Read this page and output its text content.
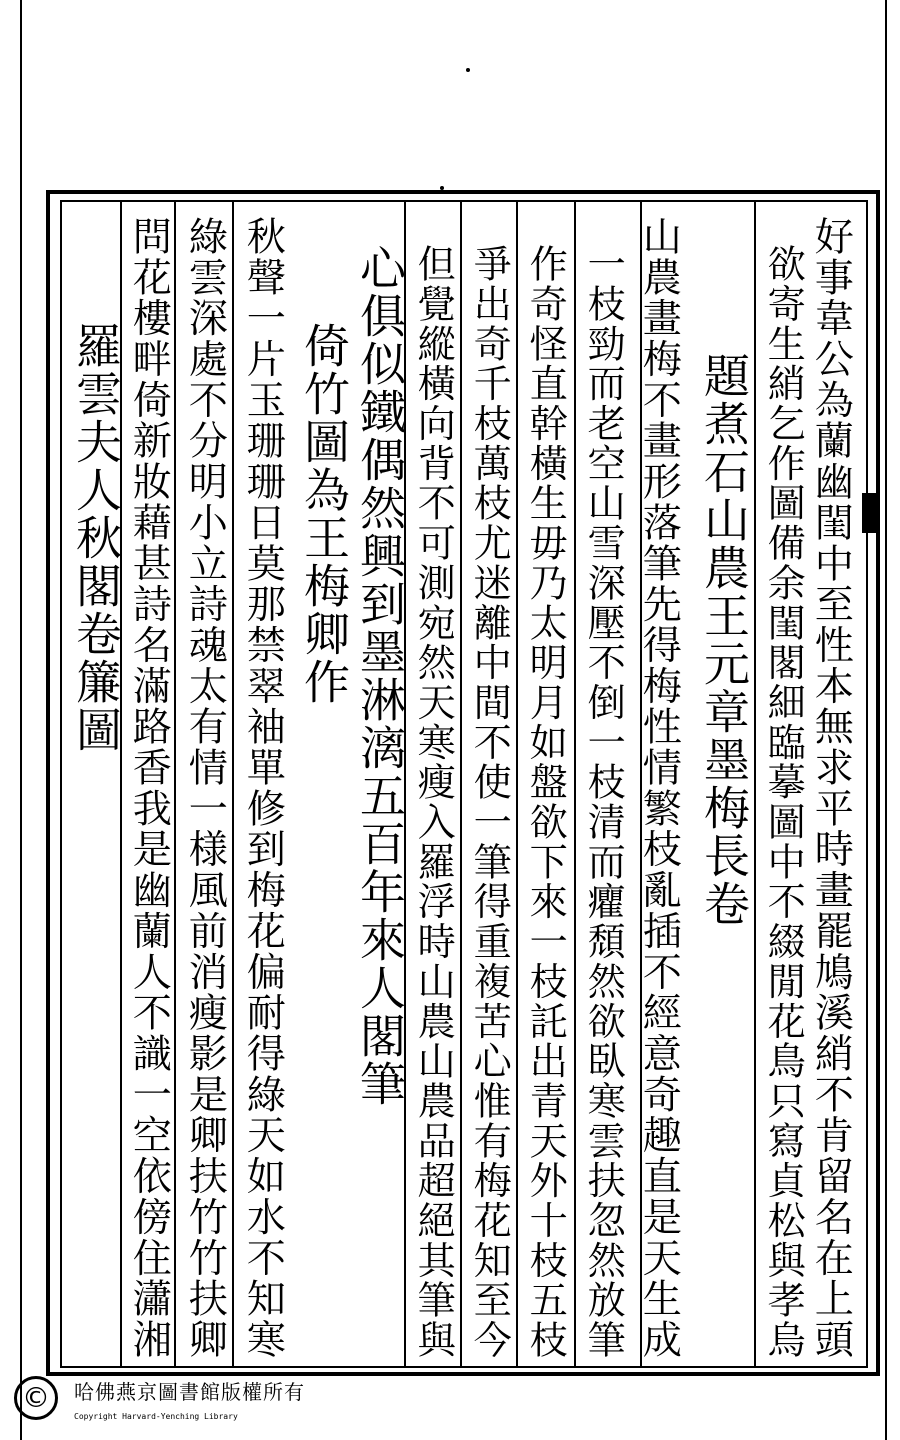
好事韋公為蘭幽閨中至性本無求平時畫罷鳩溪綃不肯留名在上頭
欲寄生綃乞作圖備余閨閣細臨摹圖中不綴閒花鳥只寫貞松與孝烏
題煮石山農王元章墨梅長卷
山農畫梅不畫形落筆先得梅性情繁枝亂插不經意奇趣直是天生成
一枝勁而老空山雪深壓不倒一枝清而癯頹然欲臥寒雲扶忽然放筆
作奇怪直幹橫生毋乃太明月如盤欲下來一枝託出青天外十枝五枝
爭出奇千枝萬枝尤迷離中間不使一筆得重複苦心惟有梅花知至今
但覺縱橫向背不可測宛然天寒瘦入羅浮時山農山農品超絕其筆與
心俱似鐵偶然興到墨淋漓五百年來人閣筆
倚竹圖為王梅卿作
秋聲一片玉珊珊日莫那禁翠袖單修到梅花偏耐得綠天如水不知寒
綠雲深處不分明小立詩魂太有情一様風前消瘦影是卿扶竹竹扶卿
問花樓畔倚新妝藉甚詩名滿路香我是幽蘭人不識一空依傍住瀟湘
羅雲夫人秋閣卷簾圖
©	哈佛燕京圖書館版權所有
Copyright Harvard-Yenching Library
